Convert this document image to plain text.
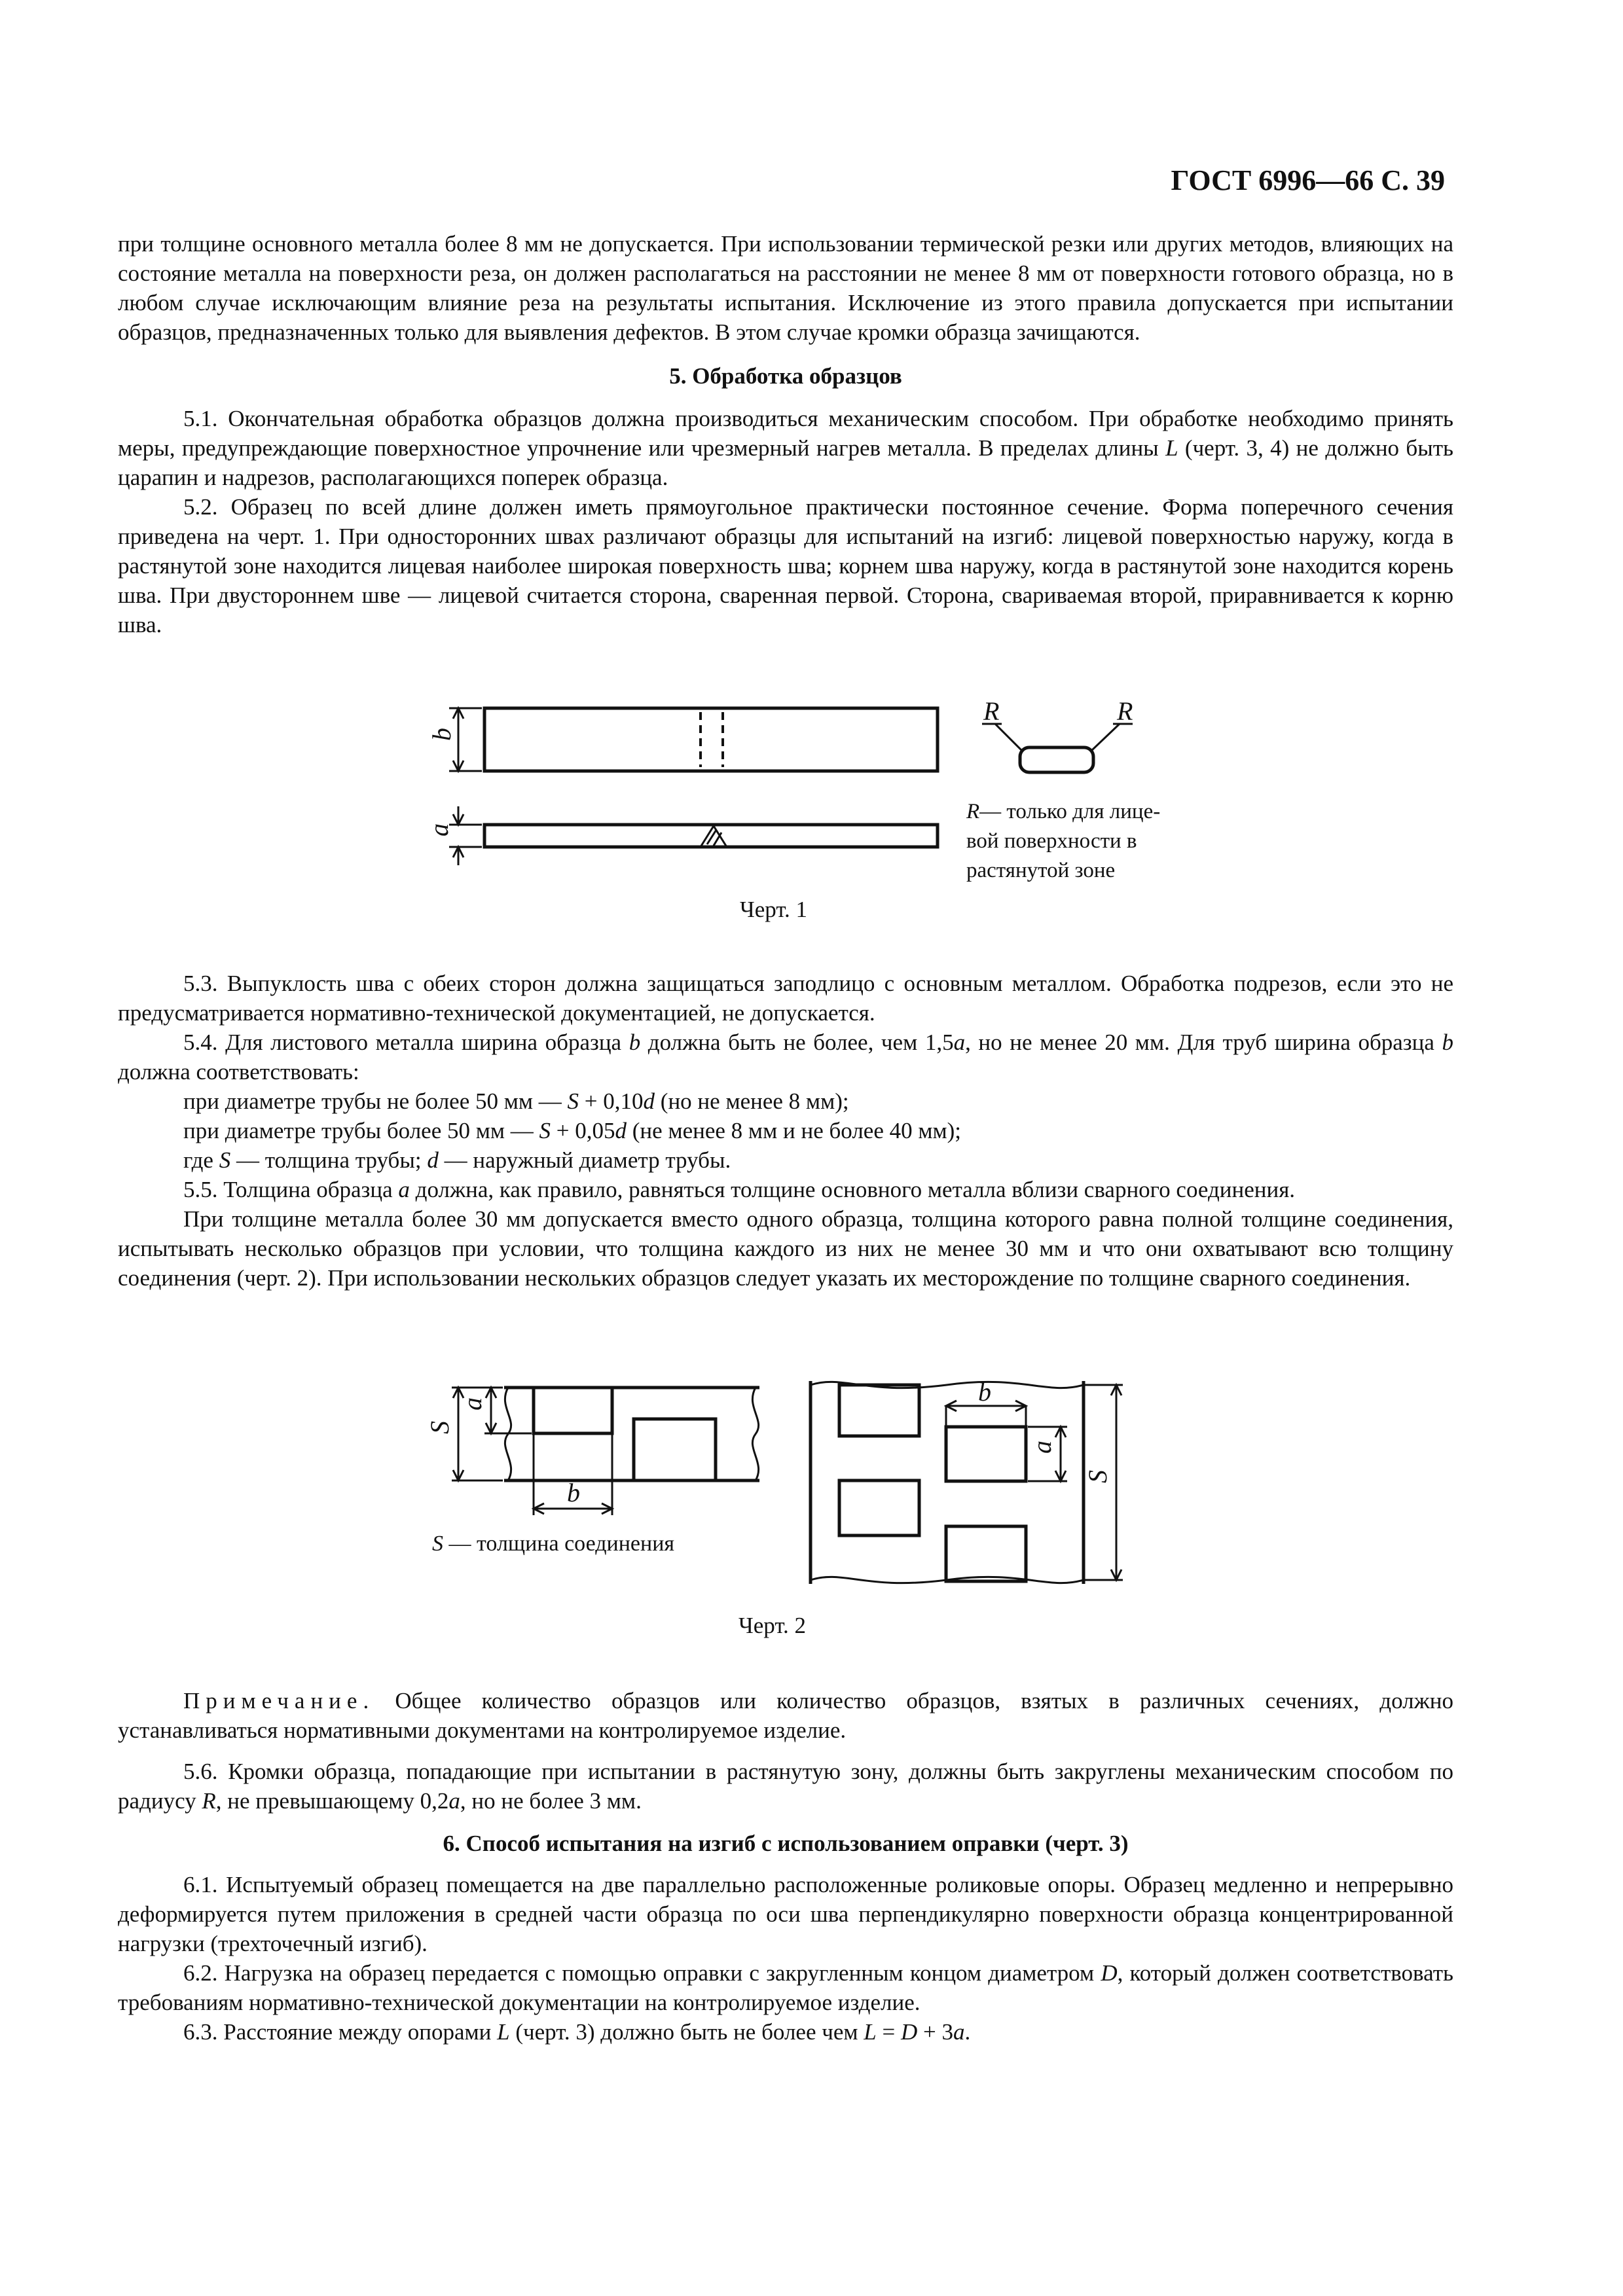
ГОСТ 6996—66 С. 39

при толщине основного металла более 8 мм не допускается. При использовании термической резки или других методов, влияющих на состояние металла на поверхности реза, он должен располагаться на расстоянии не менее 8 мм от поверхности готового образца, но в любом случае исключающим влияние реза на результаты испытания. Исключение из этого правила допускается при испытании образцов, предназначенных только для выявления дефектов. В этом случае кромки образца зачищаются.

5. Обработка образцов

5.1. Окончательная обработка образцов должна производиться механическим способом. При обработке необходимо принять меры, предупреждающие поверхностное упрочнение или чрезмерный нагрев металла. В пределах длины L (черт. 3, 4) не должно быть царапин и надрезов, располагающихся поперек образца.

5.2. Образец по всей длине должен иметь прямоугольное практически постоянное сечение. Форма поперечного сечения приведена на черт. 1. При односторонних швах различают образцы для испытаний на изгиб: лицевой поверхностью наружу, когда в растянутой зоне находится лицевая наиболее широкая поверхность шва; корнем шва наружу, когда в растянутой зоне находится корень шва. При двустороннем шве — лицевой считается сторона, сваренная первой. Сторона, свариваемая второй, приравнивается к корню шва.

b
a
R	R
R— только для лице-
вой поверхности в
растянутой зоне
Черт. 1

5.3. Выпуклость шва с обеих сторон должна защищаться заподлицо с основным металлом. Обработка подрезов, если это не предусматривается нормативно-технической документацией, не допускается.

5.4. Для листового металла ширина образца b должна быть не более, чем 1,5a, но не менее 20 мм. Для труб ширина образца b должна соответствовать:

при диаметре трубы не более 50 мм — S + 0,10d (но не менее 8 мм);

при диаметре трубы более 50 мм — S + 0,05d (не менее 8 мм и не более 40 мм);

где S — толщина трубы; d — наружный диаметр трубы.

5.5. Толщина образца a должна, как правило, равняться толщине основного металла вблизи сварного соединения.

При толщине металла более 30 мм допускается вместо одного образца, толщина которого равна полной толщине соединения, испытывать несколько образцов при условии, что толщина каждого из них не менее 30 мм и что они охватывают всю толщину соединения (черт. 2). При использовании нескольких образцов следует указать их месторождение по толщине сварного соединения.

S
a
b
b
a
S
S — толщина соединения
Черт. 2

Примечание. Общее количество образцов или количество образцов, взятых в различных сечениях, должно устанавливаться нормативными документами на контролируемое изделие.

5.6. Кромки образца, попадающие при испытании в растянутую зону, должны быть закруглены механическим способом по радиусу R, не превышающему 0,2a, но не более 3 мм.

6. Способ испытания на изгиб с использованием оправки (черт. 3)

6.1. Испытуемый образец помещается на две параллельно расположенные роликовые опоры. Образец медленно и непрерывно деформируется путем приложения в средней части образца по оси шва перпендикулярно поверхности образца концентрированной нагрузки (трехточечный изгиб).

6.2. Нагрузка на образец передается с помощью оправки с закругленным концом диаметром D, который должен соответствовать требованиям нормативно-технической документации на контролируемое изделие.

6.3. Расстояние между опорами L (черт. 3) должно быть не более чем L = D + 3a.
